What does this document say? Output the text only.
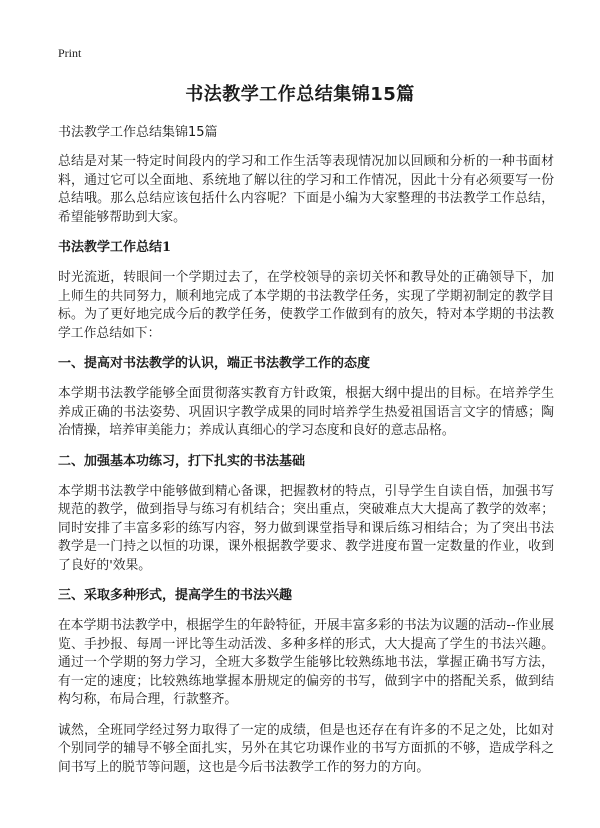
Print
书法教学工作总结集锦15篇
书法教学工作总结集锦15篇

总结是对某一特定时间段内的学习和工作生活等表现情况加以回顾和分析的一种书面材料，通过它可以全面地、系统地了解以往的学习和工作情况，因此十分有必须要写一份总结哦。那么总结应该包括什么内容呢？下面是小编为大家整理的书法教学工作总结，希望能够帮助到大家。

书法教学工作总结1

时光流逝，转眼间一个学期过去了，在学校领导的亲切关怀和教导处的正确领导下，加上师生的共同努力，顺利地完成了本学期的书法教学任务，实现了学期初制定的教学目标。为了更好地完成今后的教学任务，使教学工作做到有的放矢，特对本学期的书法教学工作总结如下：

一、提高对书法教学的认识，端正书法教学工作的态度

本学期书法教学能够全面贯彻落实教育方针政策，根据大纲中提出的目标。在培养学生养成正确的书法姿势、巩固识字教学成果的同时培养学生热爱祖国语言文字的情感；陶冶情操，培养审美能力；养成认真细心的学习态度和良好的意志品格。

二、加强基本功练习，打下扎实的书法基础

本学期书法教学中能够做到精心备课，把握教材的特点，引导学生自读自悟，加强书写规范的教学，做到指导与练习有机结合；突出重点，突破难点大大提高了教学的效率；同时安排了丰富多彩的练写内容，努力做到课堂指导和课后练习相结合；为了突出书法教学是一门持之以恒的功课，课外根据教学要求、教学进度布置一定数量的作业，收到了良好的'效果。

三、采取多种形式，提高学生的书法兴趣

在本学期书法教学中，根据学生的年龄特征，开展丰富多彩的书法为议题的活动--作业展览、手抄报、每周一评比等生动活泼、多种多样的形式，大大提高了学生的书法兴趣。通过一个学期的努力学习，全班大多数学生能够比较熟练地书法，掌握正确书写方法，有一定的速度；比较熟练地掌握本册规定的偏旁的书写，做到字中的搭配关系，做到结构匀称，布局合理，行款整齐。

诚然，全班同学经过努力取得了一定的成绩，但是也还存在有许多的不足之处，比如对个别同学的辅导不够全面扎实，另外在其它功课作业的书写方面抓的不够，造成学科之间书写上的脱节等问题，这也是今后书法教学工作的努力的方向。
